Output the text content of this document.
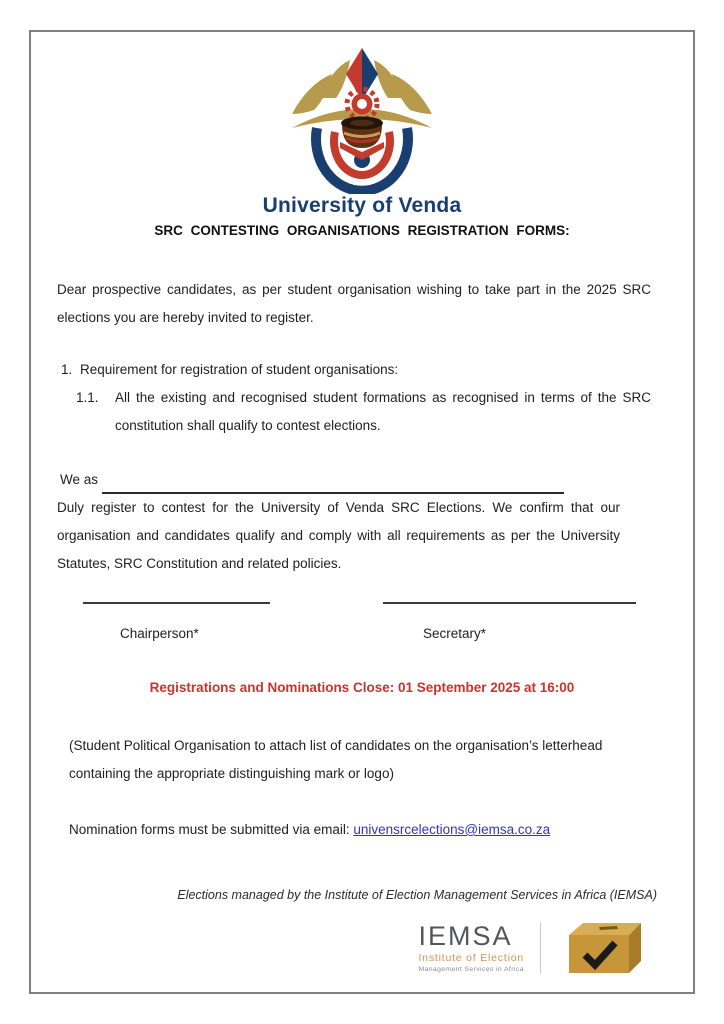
University of Venda
SRC CONTESTING ORGANISATIONS REGISTRATION FORMS:

Dear prospective candidates, as per student organisation wishing to take part in the 2025 SRC elections you are hereby invited to register.

1. Requirement for registration of student organisations:
1.1.	All the existing and recognised student formations as recognised in terms of the SRC constitution shall qualify to contest elections.
We as

Duly register to contest for the University of Venda SRC Elections. We confirm that our organisation and candidates qualify and comply with all requirements as per the University Statutes, SRC Constitution and related policies.

Chairperson*	Secretary*
Registrations and Nominations Close: 01 September 2025 at 16:00

(Student Political Organisation to attach list of candidates on the organisation’s letterhead containing the appropriate distinguishing mark or logo)

Nomination forms must be submitted via email: univensrcelections@iemsa.co.za

Elections managed by the Institute of Election Management Services in Africa (IEMSA)
IEMSA
Institute of Election
Management Services in Africa
